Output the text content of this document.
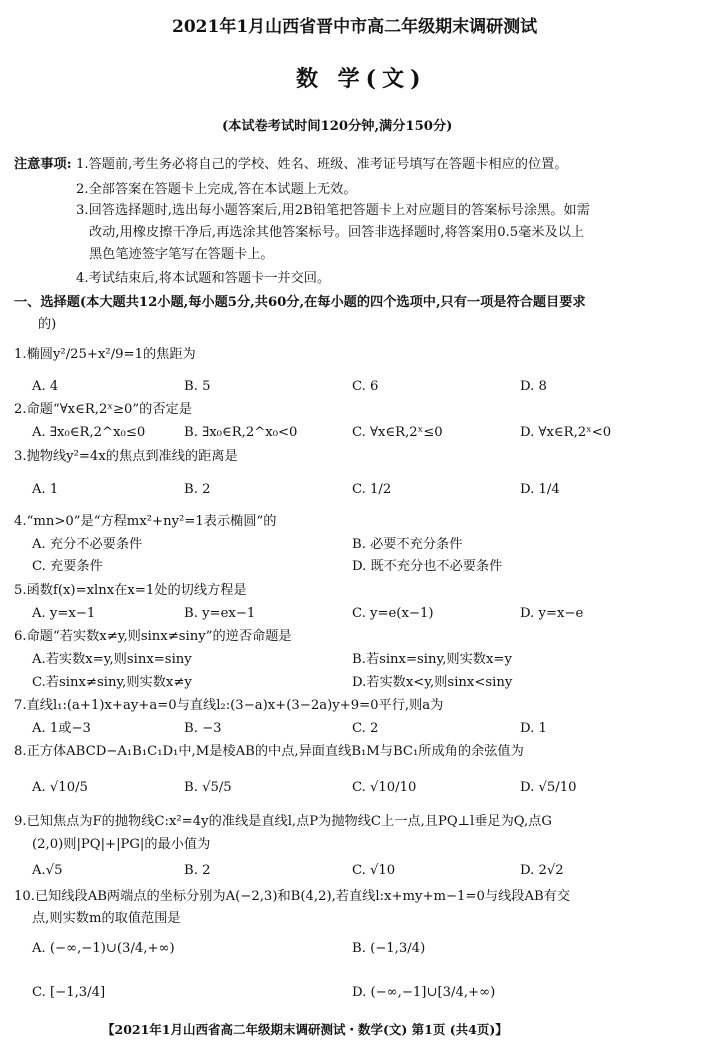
2021年1月山西省晋中市高二年级期末调研测试
数 学(文)
(本试卷考试时间120分钟,满分150分)
注意事项: 1.答题前,考生务必将自己的学校、姓名、班级、准考证号填写在答题卡相应的位置。
2.全部答案在答题卡上完成,答在本试题上无效。
3.回答选择题时,选出每小题答案后,用2B铅笔把答题卡上对应题目的答案标号涂黑。如需
改动,用橡皮擦干净后,再选涂其他答案标号。回答非选择题时,将答案用0.5毫米及以上
黑色笔迹签字笔写在答题卡上。
4.考试结束后,将本试题和答题卡一并交回。
一、选择题(本大题共12小题,每小题5分,共60分,在每小题的四个选项中,只有一项是符合题目要求
的)
1.椭圆y²/25+x²/9=1的焦距为
A. 4	B. 5	C. 6	D. 8
2.命题“∀x∈R,2ˣ≥0”的否定是
A. ∃x₀∈R,2^x₀≤0	B. ∃x₀∈R,2^x₀<0	C. ∀x∈R,2ˣ≤0	D. ∀x∈R,2ˣ<0
3.抛物线y²=4x的焦点到准线的距离是
A. 1	B. 2	C. 1/2	D. 1/4
4.“mn>0”是“方程mx²+ny²=1表示椭圆”的
A. 充分不必要条件	B. 必要不充分条件
C. 充要条件	D. 既不充分也不必要条件
5.函数f(x)=xlnx在x=1处的切线方程是
A. y=x−1	B. y=ex−1	C. y=e(x−1)	D. y=x−e
6.命题“若实数x≠y,则sinx≠siny”的逆否命题是
A.若实数x=y,则sinx=siny	B.若sinx=siny,则实数x=y
C.若sinx≠siny,则实数x≠y	D.若实数x<y,则sinx<siny
7.直线l₁:(a+1)x+ay+a=0与直线l₂:(3−a)x+(3−2a)y+9=0平行,则a为
A. 1或−3	B. −3	C. 2	D. 1
8.正方体ABCD−A₁B₁C₁D₁中,M是棱AB的中点,异面直线B₁M与BC₁所成角的余弦值为
A. √10/5	B. √5/5	C. √10/10	D. √5/10
9.已知焦点为F的抛物线C:x²=4y的准线是直线l,点P为抛物线C上一点,且PQ⊥l垂足为Q,点G
(2,0)则|PQ|+|PG|的最小值为
A.√5	B. 2	C. √10	D. 2√2
10.已知线段AB两端点的坐标分别为A(−2,3)和B(4,2),若直线l:x+my+m−1=0与线段AB有交
点,则实数m的取值范围是
A. (−∞,−1)∪(3/4,+∞)	B. (−1,3/4)
C. [−1,3/4]	D. (−∞,−1]∪[3/4,+∞)
【2021年1月山西省高二年级期末调研测试・数学(文) 第1页 (共4页)】
